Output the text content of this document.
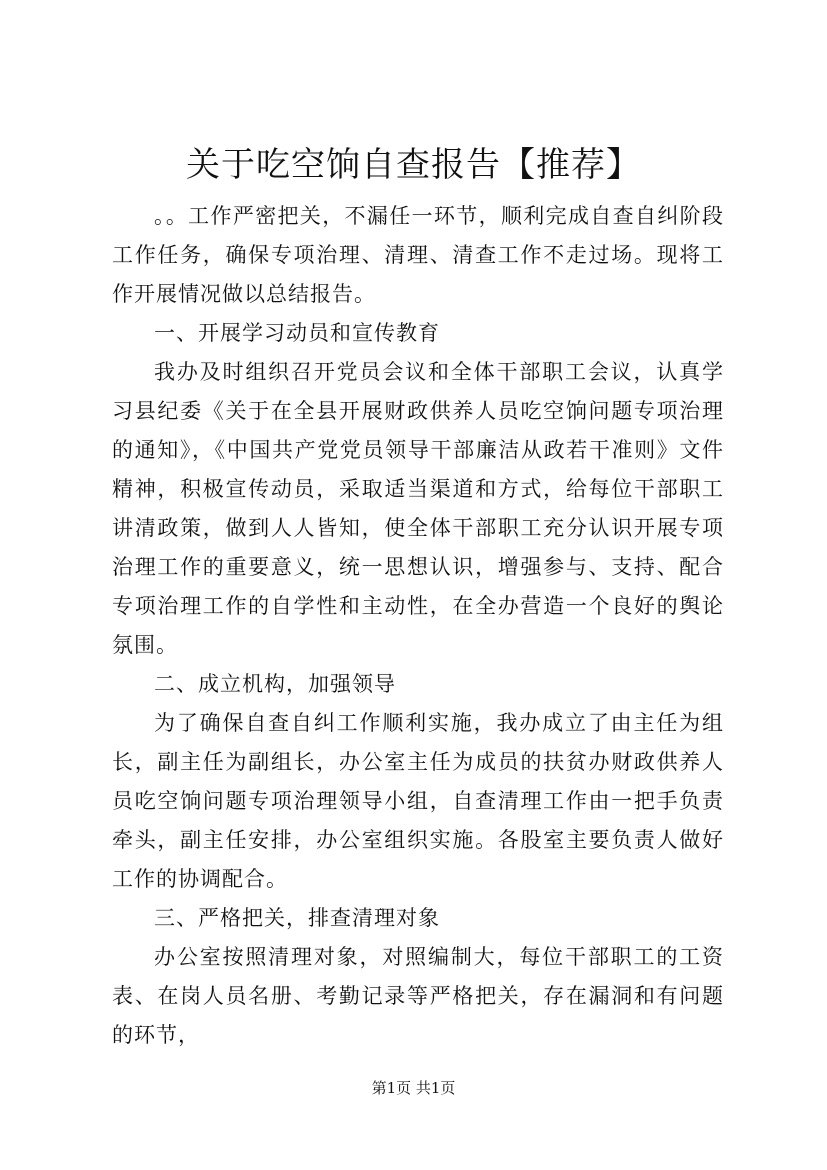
关于吃空饷自查报告【推荐】

。。工作严密把关，不漏任一环节，顺利完成自查自纠阶段工作任务，确保专项治理、清理、清查工作不走过场。现将工作开展情况做以总结报告。

一、开展学习动员和宣传教育

我办及时组织召开党员会议和全体干部职工会议，认真学习县纪委《关于在全县开展财政供养人员吃空饷问题专项治理的通知》，《中国共产党党员领导干部廉洁从政若干准则》文件精神，积极宣传动员，采取适当渠道和方式，给每位干部职工讲清政策，做到人人皆知，使全体干部职工充分认识开展专项治理工作的重要意义，统一思想认识，增强参与、支持、配合专项治理工作的自学性和主动性，在全办营造一个良好的舆论氛围。

二、成立机构，加强领导

为了确保自查自纠工作顺利实施，我办成立了由主任为组长，副主任为副组长，办公室主任为成员的扶贫办财政供养人员吃空饷问题专项治理领导小组，自查清理工作由一把手负责牵头，副主任安排，办公室组织实施。各股室主要负责人做好工作的协调配合。

三、严格把关，排查清理对象

办公室按照清理对象，对照编制大，每位干部职工的工资表、在岗人员名册、考勤记录等严格把关，存在漏洞和有问题的环节，

第1页 共1页
